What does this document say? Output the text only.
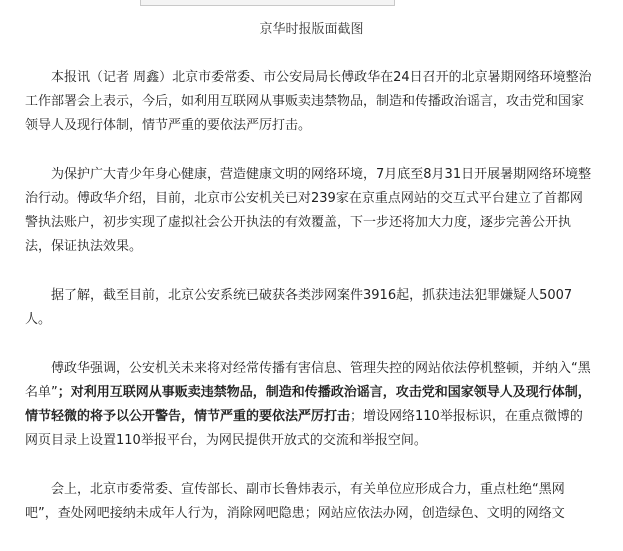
京华时报版面截图

本报讯（记者 周鑫）北京市委常委、市公安局局长傅政华在24日召开的北京暑期网络环境整治工作部署会上表示，今后，如利用互联网从事贩卖违禁物品，制造和传播政治谣言，攻击党和国家领导人及现行体制，情节严重的要依法严厉打击。

为保护广大青少年身心健康，营造健康文明的网络环境，7月底至8月31日开展暑期网络环境整治行动。傅政华介绍，目前，北京市公安机关已对239家在京重点网站的交互式平台建立了首都网警执法账户，初步实现了虚拟社会公开执法的有效覆盖，下一步还将加大力度，逐步完善公开执法，保证执法效果。

据了解，截至目前，北京公安系统已破获各类涉网案件3916起，抓获违法犯罪嫌疑人5007人。

傅政华强调，公安机关未来将对经常传播有害信息、管理失控的网站依法停机整顿，并纳入“黑名单”；对利用互联网从事贩卖违禁物品，制造和传播政治谣言，攻击党和国家领导人及现行体制，情节轻微的将予以公开警告，情节严重的要依法严厉打击；增设网络110举报标识，在重点微博的网页目录上设置110举报平台，为网民提供开放式的交流和举报空间。

会上，北京市委常委、宣传部长、副市长鲁炜表示，有关单位应形成合力，重点杜绝“黑网吧”，查处网吧接纳未成年人行为，消除网吧隐患；网站应依法办网，创造绿色、文明的网络文
